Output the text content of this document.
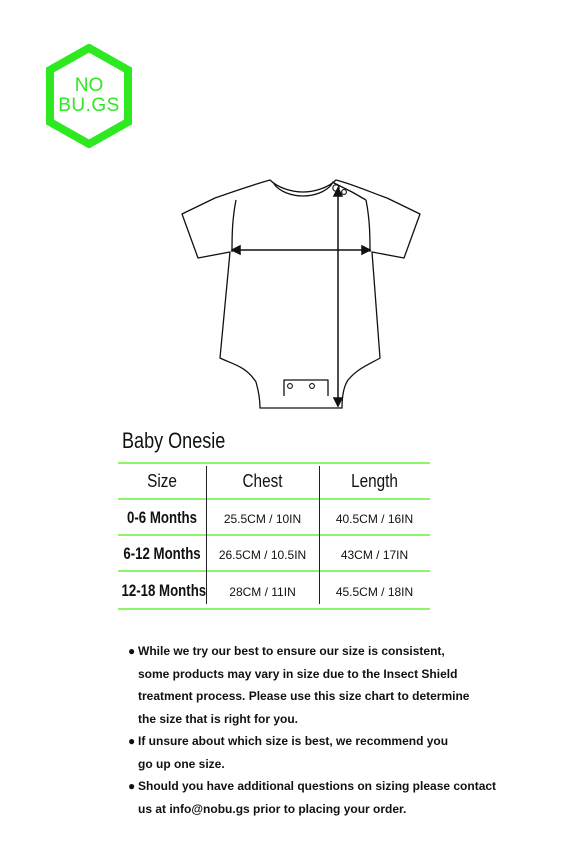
NO
BU.GS
Baby Onesie
Size	Chest	Length
0-6 Months	25.5CM / 10IN	40.5CM / 16IN
6-12 Months	26.5CM / 10.5IN	43CM / 17IN
12-18 Months	28CM / 11IN	45.5CM / 18IN
● While we try our best to ensure our size is consistent,
some products may vary in size due to the Insect Shield
treatment process. Please use this size chart to determine
the size that is right for you.
● If unsure about which size is best, we recommend you
go up one size.
● Should you have additional questions on sizing please contact
us at info@nobu.gs prior to placing your order.
